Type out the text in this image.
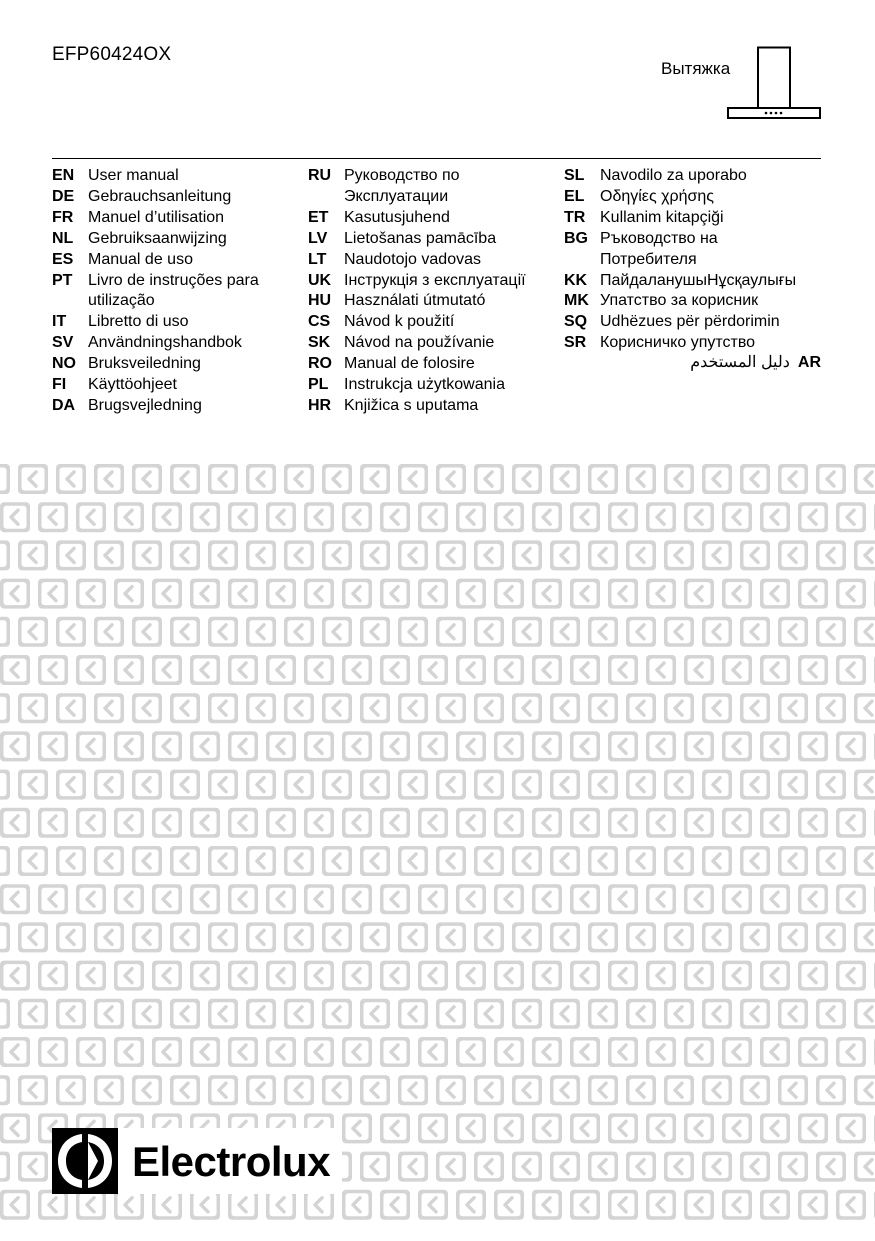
EFP60424OX
Вытяжка
EN User manual
DE Gebrauchsanleitung
FR Manuel d’utilisation
NL Gebruiksaanwijzing
ES Manual de uso
PT Livro de instruções para utilização
IT	Libretto di uso
SV Användningshandbok
NO Bruksveiledning
FI	Käyttöohjeet
DA Brugsvejledning
RU Руководство по Эксплуатации
ET Kasutusjuhend
LV	Lietošanas pamācība
LT	Naudotojo vadovas
UK Інструкція з експлуатації
HU Használati útmutató
CS Návod k použití
SK Návod na používanie
RO Manual de folosire
PL Instrukcja użytkowania
HR Knjižica s uputama
SL Navodilo za uporabo
EL Οδηγίες χρήσης
TR Kullanim kitapçiği
BG Ръководство на Потребителя
KK ПайдаланушыНұсқаулығы
MK Упатство за корисник
SQ Udhëzues për përdorimin
SR Корисничко упутство
دليل المستخدم AR
Electrolux
